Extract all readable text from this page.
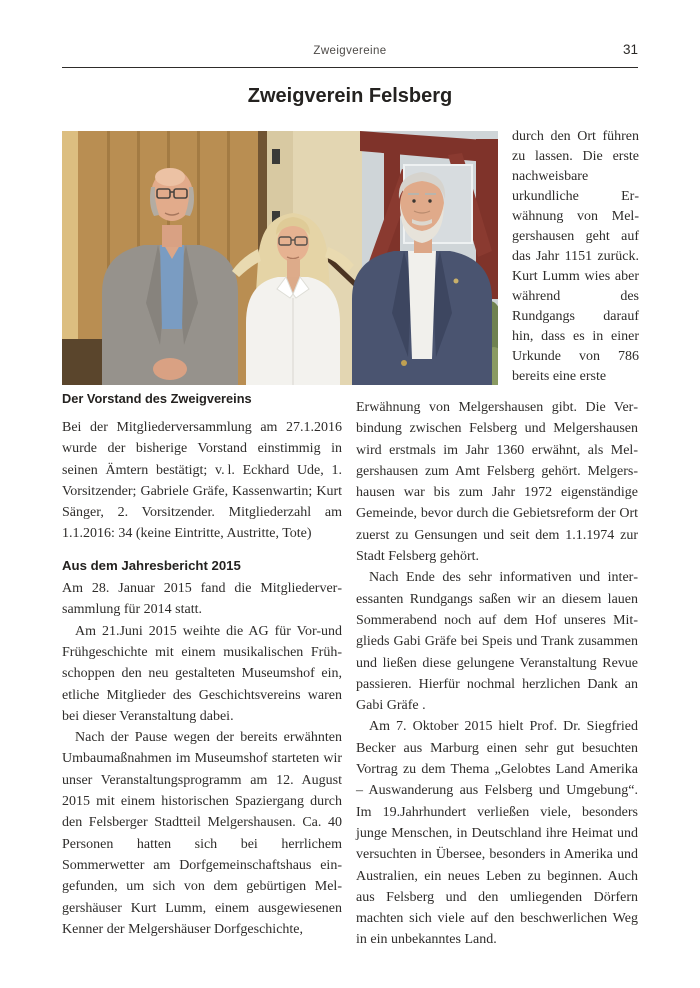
Zweigvereine	31
Zweigverein Felsberg

durch den Ort führen zu lassen. Die erste nachweisbare urkundliche Erwähnung von Melgershausen geht auf das Jahr 1151 zurück. Kurt Lumm wies aber während des Rundgangs darauf hin, dass es in einer Urkunde von 786 bereits eine erste

Der Vorstand des Zweigvereins

Bei der Mitgliederversammlung am 27.1.2016 wurde der bisherige Vorstand einstimmig in seinen Ämtern bestätigt; v. l. Eckhard Ude, 1. Vorsitzender; Gabriele Gräfe, Kassenwartin; Kurt Sänger, 2. Vorsitzender. Mitgliederzahl am 1.1.2016: 34 (keine Eintritte, Austritte, Tote)

Aus dem Jahresbericht 2015

Am 28. Januar 2015 fand die Mitgliederversammlung für 2014 statt.

Am 21.Juni 2015 weihte die AG für Vor-und Frühgeschichte mit einem musikalischen Frühschoppen den neu gestalteten Museumshof ein, etliche Mitglieder des Geschichtsvereins waren bei dieser Veranstaltung dabei.

Nach der Pause wegen der bereits erwähnten Umbaumaßnahmen im Museumshof starteten wir unser Veranstaltungsprogramm am 12. August 2015 mit einem historischen Spaziergang durch den Felsberger Stadtteil Melgershausen. Ca. 40 Personen hatten sich bei herrlichem Sommerwetter am Dorfgemeinschaftshaus eingefunden, um sich von dem gebürtigen Melgershäuser Kurt Lumm, einem ausgewiesenen Kenner der Melgershäuser Dorfgeschichte,

Erwähnung von Melgershausen gibt. Die Verbindung zwischen Felsberg und Melgershausen wird erstmals im Jahr 1360 erwähnt, als Melgershausen zum Amt Felsberg gehört. Melgershausen war bis zum Jahr 1972 eigenständige Gemeinde, bevor durch die Gebietsreform der Ort zuerst zu Gensungen und seit dem 1.1.1974 zur Stadt Felsberg gehört.

Nach Ende des sehr informativen und interessanten Rundgangs saßen wir an diesem lauen Sommerabend noch auf dem Hof unseres Mitglieds Gabi Gräfe bei Speis und Trank zusammen und ließen diese gelungene Veranstaltung Revue passieren. Hierfür nochmal herzlichen Dank an Gabi Gräfe .

Am 7. Oktober 2015 hielt Prof. Dr. Siegfried Becker aus Marburg einen sehr gut besuchten Vortrag zu dem Thema „Gelobtes Land Amerika – Auswanderung aus Felsberg und Umgebung“. Im 19.Jahrhundert verließen viele, besonders junge Menschen, in Deutschland ihre Heimat und versuchten in Übersee, besonders in Amerika und Australien, ein neues Leben zu beginnen. Auch aus Felsberg und den umliegenden Dörfern machten sich viele auf den beschwerlichen Weg in ein unbekanntes Land.
